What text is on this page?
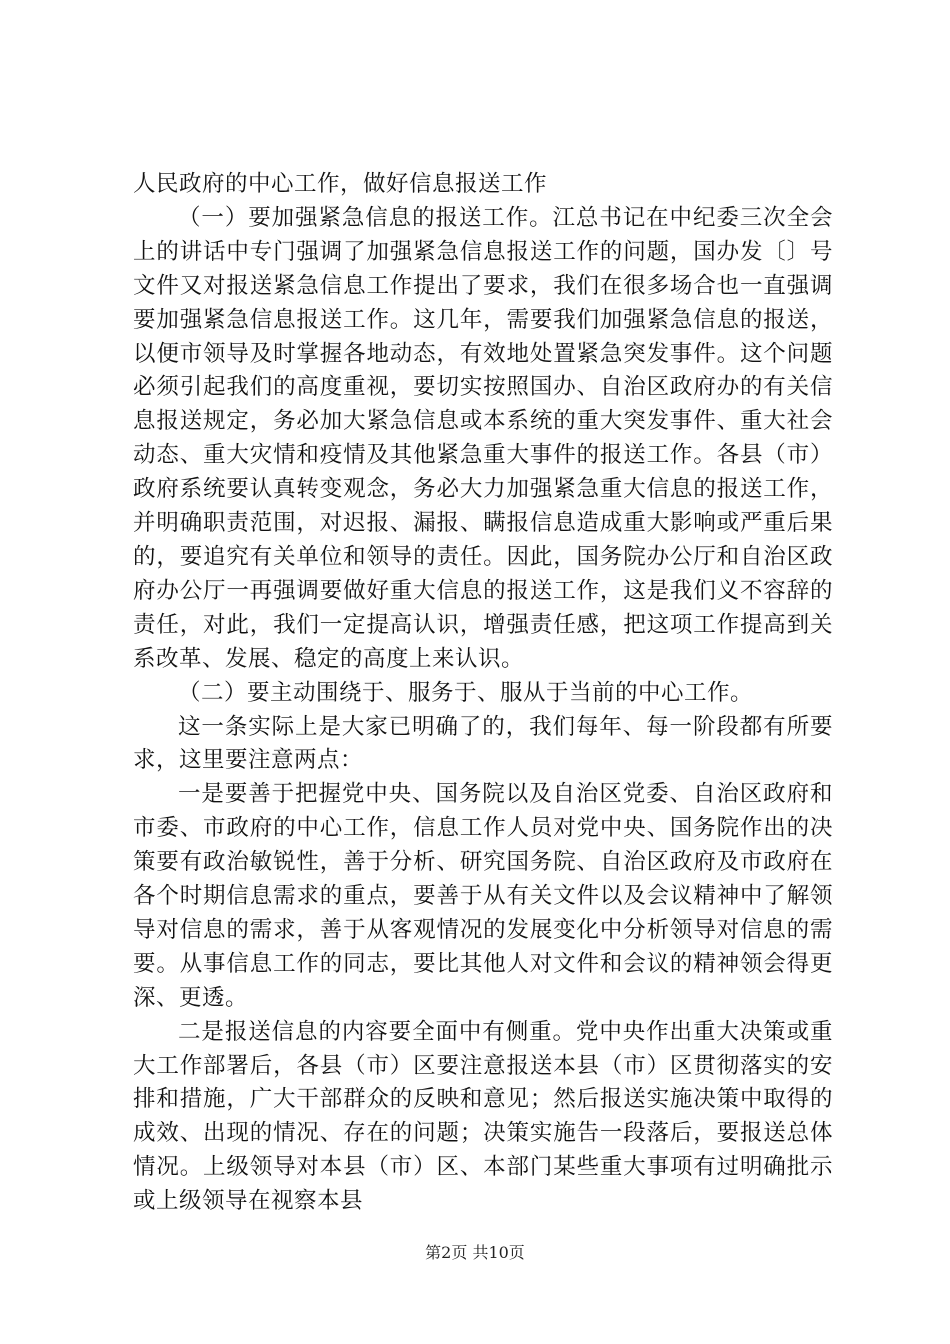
人民政府的中心工作，做好信息报送工作

（一）要加强紧急信息的报送工作。江总书记在中纪委三次全会上的讲话中专门强调了加强紧急信息报送工作的问题，国办发〔〕号文件又对报送紧急信息工作提出了要求，我们在很多场合也一直强调要加强紧急信息报送工作。这几年，需要我们加强紧急信息的报送，以便市领导及时掌握各地动态，有效地处置紧急突发事件。这个问题必须引起我们的高度重视，要切实按照国办、自治区政府办的有关信息报送规定，务必加大紧急信息或本系统的重大突发事件、重大社会动态、重大灾情和疫情及其他紧急重大事件的报送工作。各县（市）政府系统要认真转变观念，务必大力加强紧急重大信息的报送工作，并明确职责范围，对迟报、漏报、瞒报信息造成重大影响或严重后果的，要追究有关单位和领导的责任。因此，国务院办公厅和自治区政府办公厅一再强调要做好重大信息的报送工作，这是我们义不容辞的责任，对此，我们一定提高认识，增强责任感，把这项工作提高到关系改革、发展、稳定的高度上来认识。

（二）要主动围绕于、服务于、服从于当前的中心工作。

这一条实际上是大家已明确了的，我们每年、每一阶段都有所要求，这里要注意两点：

一是要善于把握党中央、国务院以及自治区党委、自治区政府和市委、市政府的中心工作，信息工作人员对党中央、国务院作出的决策要有政治敏锐性，善于分析、研究国务院、自治区政府及市政府在各个时期信息需求的重点，要善于从有关文件以及会议精神中了解领导对信息的需求，善于从客观情况的发展变化中分析领导对信息的需要。从事信息工作的同志，要比其他人对文件和会议的精神领会得更深、更透。

二是报送信息的内容要全面中有侧重。党中央作出重大决策或重大工作部署后，各县（市）区要注意报送本县（市）区贯彻落实的安排和措施，广大干部群众的反映和意见；然后报送实施决策中取得的成效、出现的情况、存在的问题；决策实施告一段落后，要报送总体情况。上级领导对本县（市）区、本部门某些重大事项有过明确批示或上级领导在视察本县

第2页 共10页
